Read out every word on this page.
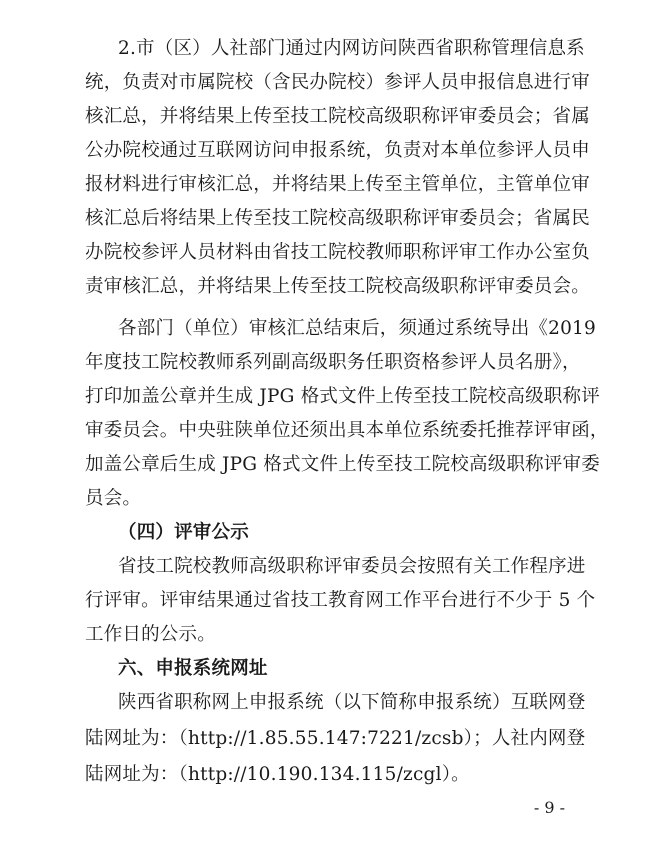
2.市（区）人社部门通过内网访问陕西省职称管理信息系
统，负责对市属院校（含民办院校）参评人员申报信息进行审
核汇总，并将结果上传至技工院校高级职称评审委员会；省属
公办院校通过互联网访问申报系统，负责对本单位参评人员申
报材料进行审核汇总，并将结果上传至主管单位，主管单位审
核汇总后将结果上传至技工院校高级职称评审委员会；省属民
办院校参评人员材料由省技工院校教师职称评审工作办公室负
责审核汇总，并将结果上传至技工院校高级职称评审委员会。
各部门（单位）审核汇总结束后，须通过系统导出《2019
年度技工院校教师系列副高级职务任职资格参评人员名册》，
打印加盖公章并生成 JPG 格式文件上传至技工院校高级职称评
审委员会。中央驻陕单位还须出具本单位系统委托推荐评审函，
加盖公章后生成 JPG 格式文件上传至技工院校高级职称评审委
员会。
（四）评审公示
省技工院校教师高级职称评审委员会按照有关工作程序进
行评审。评审结果通过省技工教育网工作平台进行不少于 5 个
工作日的公示。
六、申报系统网址
陕西省职称网上申报系统（以下简称申报系统）互联网登
陆网址为：（http://1.85.55.147:7221/zcsb）；人社内网登
陆网址为：（http://10.190.134.115/zcgl）。
- 9 -
